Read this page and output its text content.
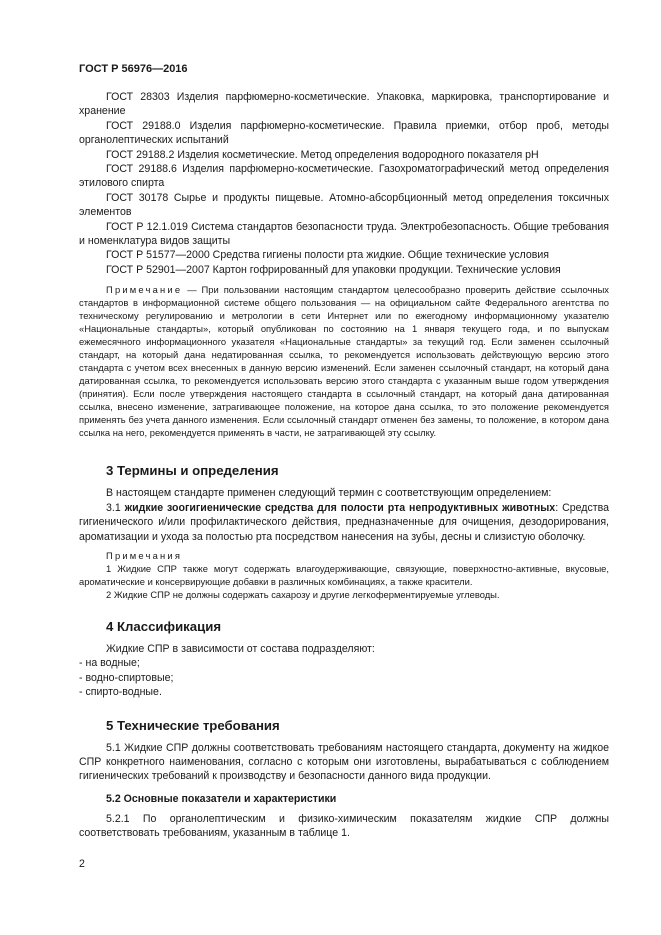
ГОСТ Р 56976—2016

ГОСТ 28303 Изделия парфюмерно-косметические. Упаковка, маркировка, транспортирование и хранение

ГОСТ 29188.0 Изделия парфюмерно-косметические. Правила приемки, отбор проб, методы органолептических испытаний

ГОСТ 29188.2 Изделия косметические. Метод определения водородного показателя pH

ГОСТ 29188.6 Изделия парфюмерно-косметические. Газохроматографический метод определения этилового спирта

ГОСТ 30178 Сырье и продукты пищевые. Атомно-абсорбционный метод определения токсичных элементов

ГОСТ Р 12.1.019 Система стандартов безопасности труда. Электробезопасность. Общие требования и номенклатура видов защиты

ГОСТ Р 51577—2000 Средства гигиены полости рта жидкие. Общие технические условия

ГОСТ Р 52901—2007 Картон гофрированный для упаковки продукции. Технические условия

Примечание — При пользовании настоящим стандартом целесообразно проверить действие ссылочных стандартов в информационной системе общего пользования — на официальном сайте Федерального агентства по техническому регулированию и метрологии в сети Интернет или по ежегодному информационному указателю «Национальные стандарты», который опубликован по состоянию на 1 января текущего года, и по выпускам ежемесячного информационного указателя «Национальные стандарты» за текущий год. Если заменен ссылочный стандарт, на который дана недатированная ссылка, то рекомендуется использовать действующую версию этого стандарта с учетом всех внесенных в данную версию изменений. Если заменен ссылочный стандарт, на который дана датированная ссылка, то рекомендуется использовать версию этого стандарта с указанным выше годом утверждения (принятия). Если после утверждения настоящего стандарта в ссылочный стандарт, на который дана датированная ссылка, внесено изменение, затрагивающее положение, на которое дана ссылка, то это положение рекомендуется применять без учета данного изменения. Если ссылочный стандарт отменен без замены, то положение, в котором дана ссылка на него, рекомендуется применять в части, не затрагивающей эту ссылку.

3 Термины и определения

В настоящем стандарте применен следующий термин с соответствующим определением:

3.1 жидкие зоогигиенические средства для полости рта непродуктивных животных: Средства гигиенического и/или профилактического действия, предназначенные для очищения, дезодорирования, ароматизации и ухода за полостью рта посредством нанесения на зубы, десны и слизистую оболочку.

Примечания

1 Жидкие СПР также могут содержать влагоудерживающие, связующие, поверхностно-активные, вкусовые, ароматические и консервирующие добавки в различных комбинациях, а также красители.

2 Жидкие СПР не должны содержать сахарозу и другие легкоферментируемые углеводы.

4 Классификация

Жидкие СПР в зависимости от состава подразделяют:

- на водные;

- водно-спиртовые;

- спирто-водные.

5 Технические требования

5.1 Жидкие СПР должны соответствовать требованиям настоящего стандарта, документу на жидкое СПР конкретного наименования, согласно с которым они изготовлены, вырабатываться с соблюдением гигиенических требований к производству и безопасности данного вида продукции.

5.2 Основные показатели и характеристики

5.2.1 По органолептическим и физико-химическим показателям жидкие СПР должны соответствовать требованиям, указанным в таблице 1.

2
